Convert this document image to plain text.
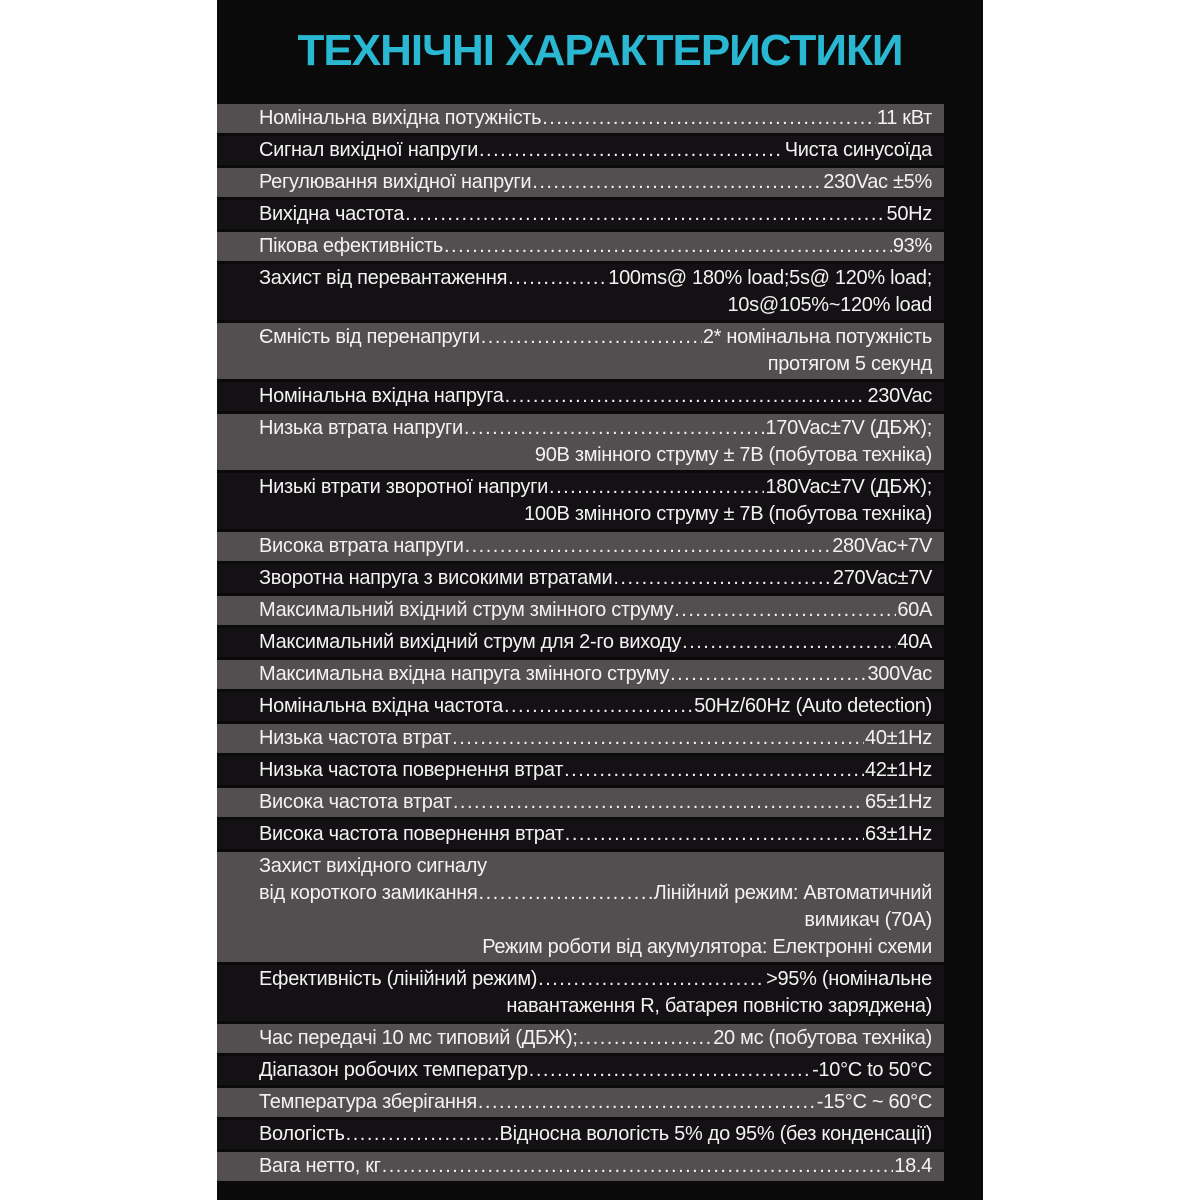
ТЕХНІЧНІ ХАРАКТЕРИСТИКИ
Номінальна вихідна потужність .....	11 кВт
Сигнал вихідної напруги .....	Чиста синусоїда
Регулювання вихідної напруги .....	230Vac ±5%
Вихідна частота .....	50Hz
Пікова ефективність .....	93%
Захист від перевантаження .....	100ms@ 180% load;5s@ 120% load;
10s@105%~120% load
Ємність від перенапруги .....	2* номінальна потужність
протягом 5 секунд
Номінальна вхідна напруга .....	230Vac
Низька втрата напруги .....	170Vac±7V (ДБЖ);
90В змінного струму ± 7В (побутова техніка)
Низькі втрати зворотної напруги .....	180Vac±7V (ДБЖ);
100В змінного струму ± 7В (побутова техніка)
Висока втрата напруги .....	280Vac+7V
Зворотна напруга з високими втратами .....	270Vac±7V
Максимальний вхідний струм змінного струму .....	60A
Максимальний вихідний струм для 2-го виходу .....	40A
Максимальна вхідна напруга змінного струму .....	300Vac
Номінальна вхідна частота .....	50Hz/60Hz (Auto detection)
Низька частота втрат .....	40±1Hz
Низька частота повернення втрат .....	42±1Hz
Висока частота втрат .....	65±1Hz
Висока частота повернення втрат .....	63±1Hz
Захист вихідного сигналу
від короткого замикання .....	Лінійний режим: Автоматичний
вимикач (70А)
Режим роботи від акумулятора: Електронні схеми
Ефективність (лінійний режим) .....	>95% (номінальне
навантаження R, батарея повністю заряджена)
Час передачі 10 мс типовий (ДБЖ); .....	20 мс (побутова техніка)
Діапазон робочих температур .....	-10°C to 50°C
Температура зберігання .....	-15°C ~ 60°C
Вологість .....	Відносна вологість 5% до 95% (без конденсації)
Вага нетто, кг .....	18.4
